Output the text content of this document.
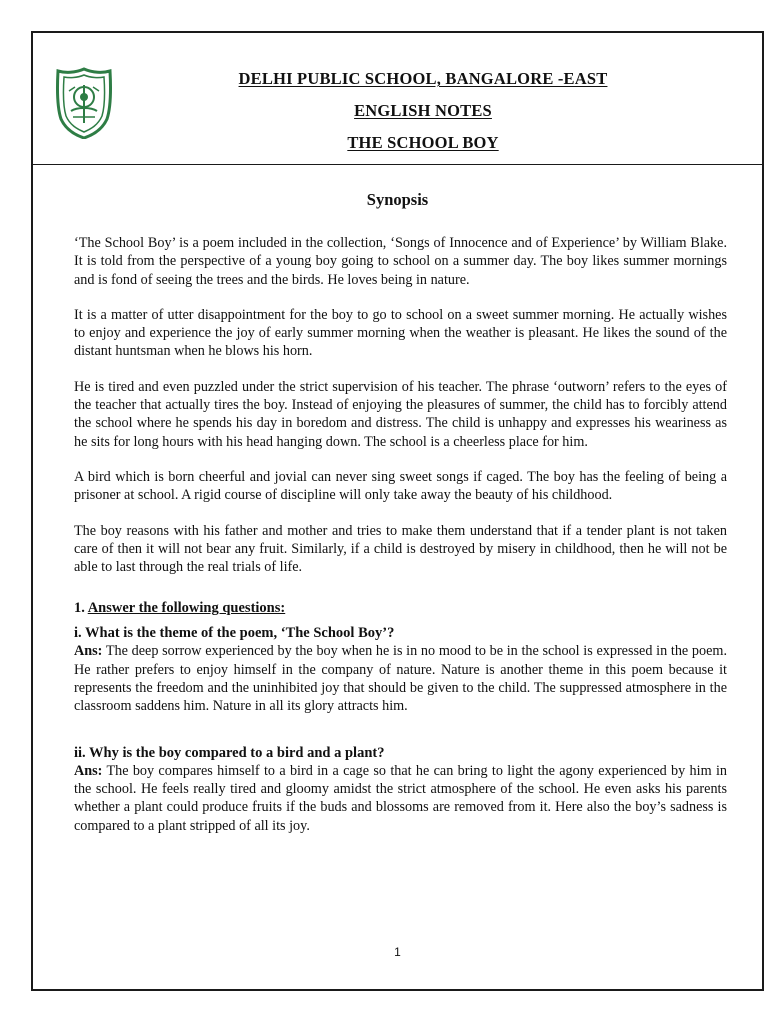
DELHI PUBLIC SCHOOL, BANGALORE -EAST
ENGLISH NOTES
THE SCHOOL BOY
Synopsis

‘The School Boy’ is a poem included in the collection, ‘Songs of Innocence and of Experience’ by William Blake. It is told from the perspective of a young boy going to school on a summer day. The boy likes summer mornings and is fond of seeing the trees and the birds. He loves being in nature.

It is a matter of utter disappointment for the boy to go to school on a sweet summer morning. He actually wishes to enjoy and experience the joy of early summer morning when the weather is pleasant. He likes the sound of the distant huntsman when he blows his horn.

He is tired and even puzzled under the strict supervision of his teacher. The phrase ‘outworn’ refers to the eyes of the teacher that actually tires the boy. Instead of enjoying the pleasures of summer, the child has to forcibly attend the school where he spends his day in boredom and distress. The child is unhappy and expresses his weariness as he sits for long hours with his head hanging down. The school is a cheerless place for him.

A bird which is born cheerful and jovial can never sing sweet songs if caged. The boy has the feeling of being a prisoner at school. A rigid course of discipline will only take away the beauty of his childhood.

The boy reasons with his father and mother and tries to make them understand that if a tender plant is not taken care of then it will not bear any fruit. Similarly, if a child is destroyed by misery in childhood, then he will not be able to last through the real trials of life.

1. Answer the following questions:

i. What is the theme of the poem, ‘The School Boy’?

Ans: The deep sorrow experienced by the boy when he is in no mood to be in the school is expressed in the poem. He rather prefers to enjoy himself in the company of nature. Nature is another theme in this poem because it represents the freedom and the uninhibited joy that should be given to the child. The suppressed atmosphere in the classroom saddens him. Nature in all its glory attracts him.

ii. Why is the boy compared to a bird and a plant?

Ans: The boy compares himself to a bird in a cage so that he can bring to light the agony experienced by him in the school. He feels really tired and gloomy amidst the strict atmosphere of the school. He even asks his parents whether a plant could produce fruits if the buds and blossoms are removed from it. Here also the boy’s sadness is compared to a plant stripped of all its joy.

1
